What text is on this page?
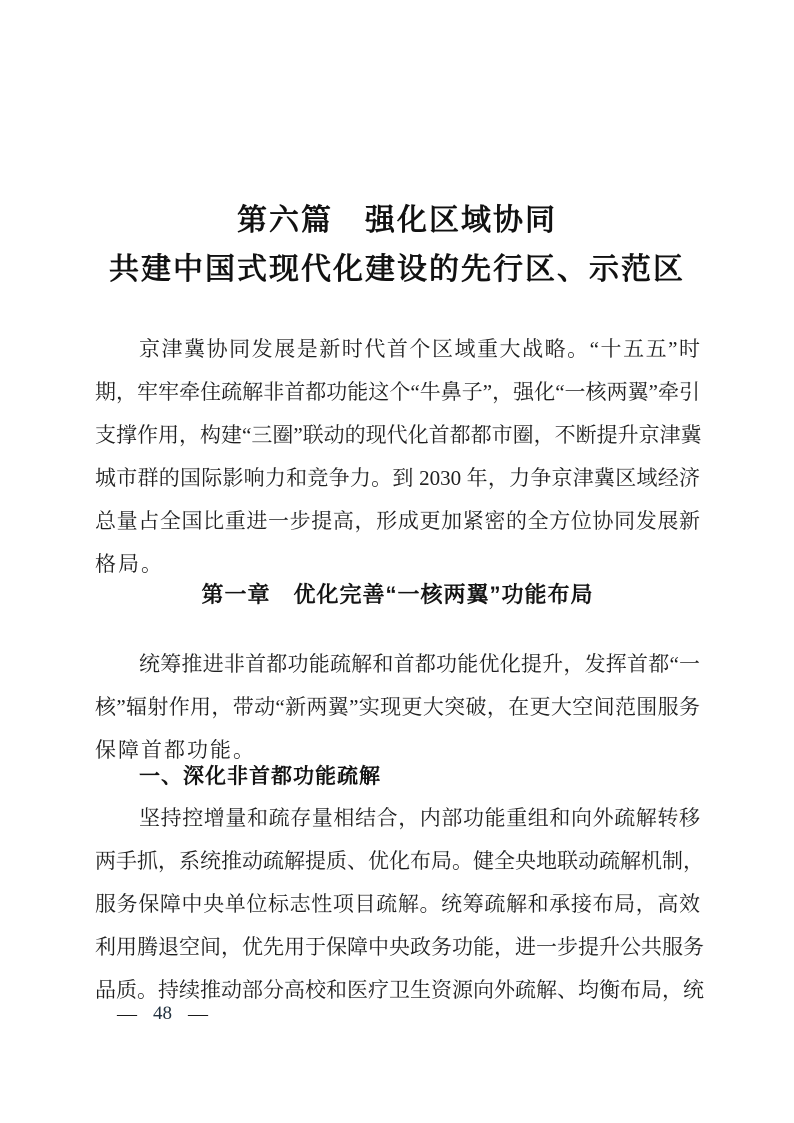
第六篇　强化区域协同
共建中国式现代化建设的先行区、示范区
京津冀协同发展是新时代首个区域重大战略。“十五五”时
期，牢牢牵住疏解非首都功能这个“牛鼻子”，强化“一核两翼”牵引
支撑作用，构建“三圈”联动的现代化首都都市圈，不断提升京津冀
城市群的国际影响力和竞争力。到 2030 年，力争京津冀区域经济
总量占全国比重进一步提高，形成更加紧密的全方位协同发展新
格局。
第一章　优化完善“一核两翼”功能布局
统筹推进非首都功能疏解和首都功能优化提升，发挥首都“一
核”辐射作用，带动“新两翼”实现更大突破，在更大空间范围服务
保障首都功能。
一、深化非首都功能疏解
坚持控增量和疏存量相结合，内部功能重组和向外疏解转移
两手抓，系统推动疏解提质、优化布局。健全央地联动疏解机制，
服务保障中央单位标志性项目疏解。统筹疏解和承接布局，高效
利用腾退空间，优先用于保障中央政务功能，进一步提升公共服务
品质。持续推动部分高校和医疗卫生资源向外疏解、均衡布局，统
— 48 —
